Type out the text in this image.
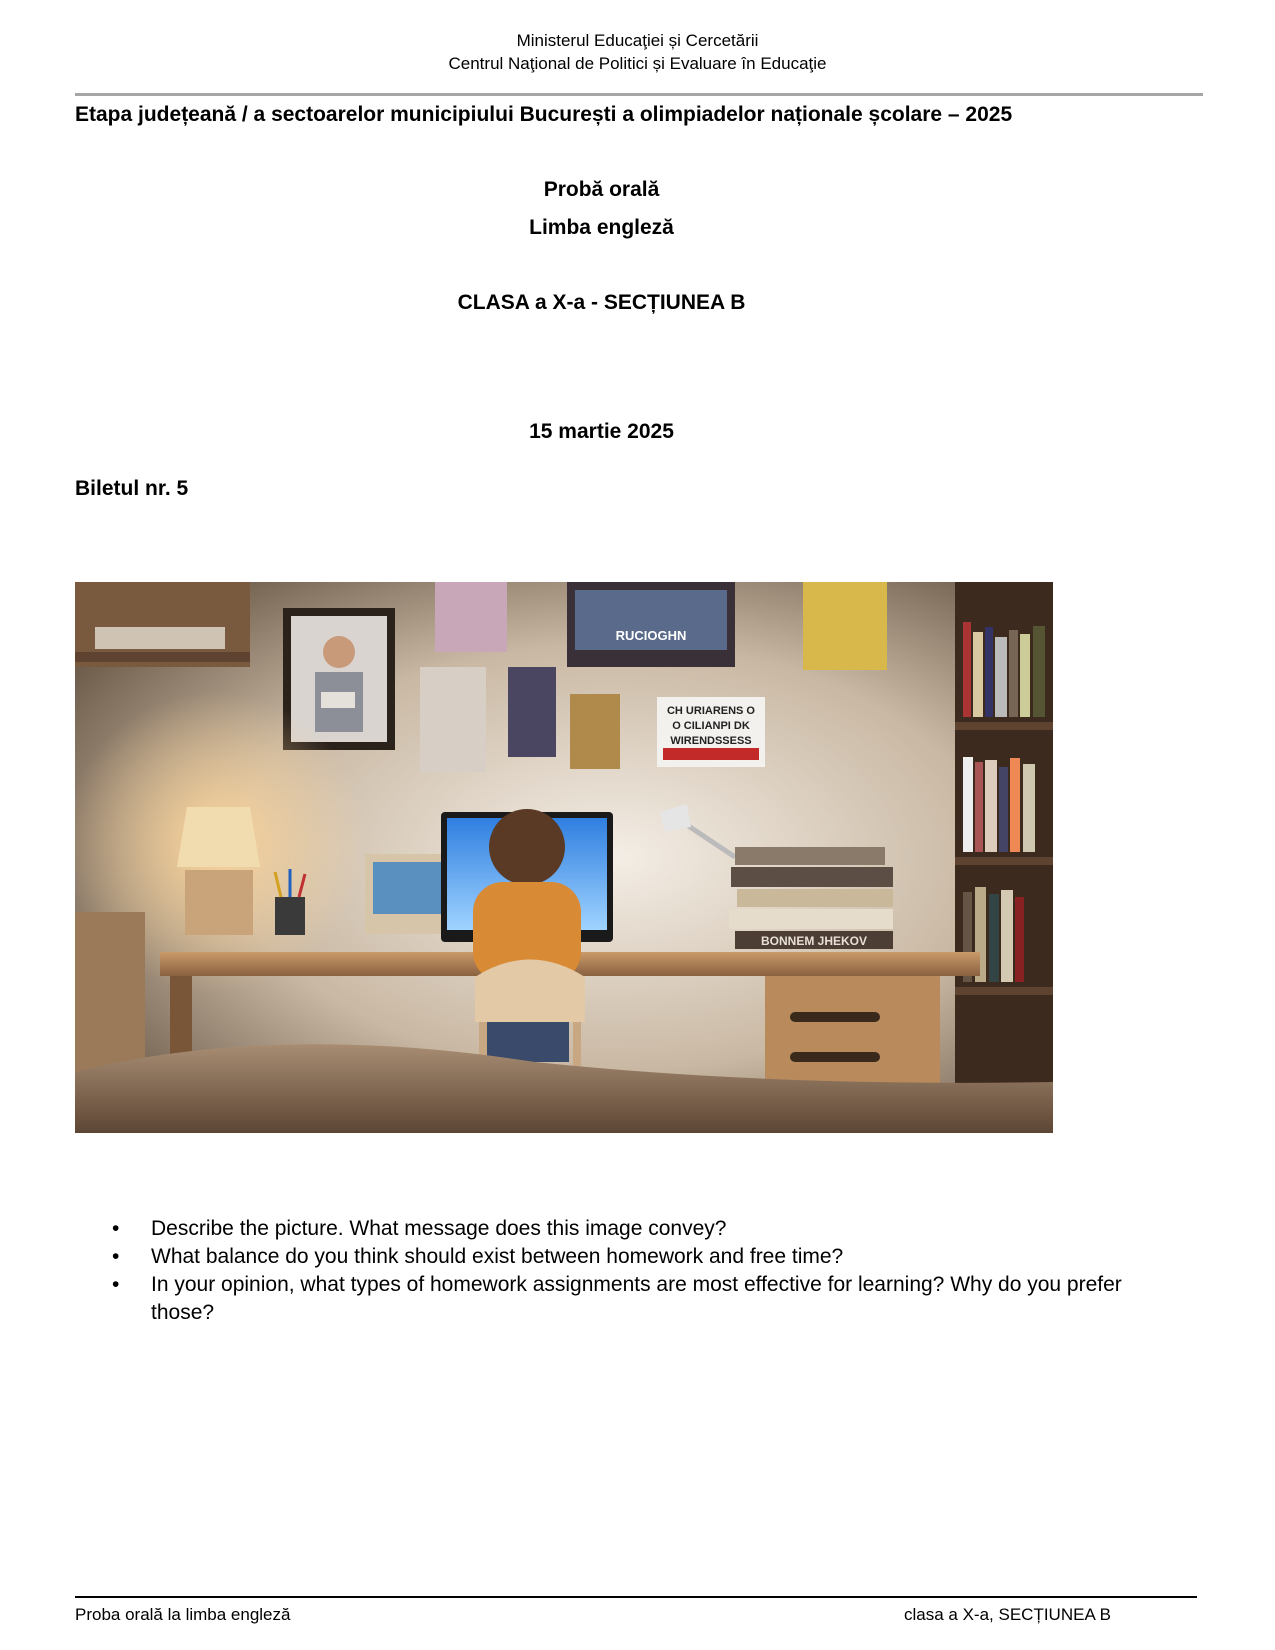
Ministerul Educaţiei și Cercetării
Centrul Naţional de Politici și Evaluare în Educaţie
Etapa județeană / a sectoarelor municipiului București a olimpiadelor naționale școlare – 2025
Probă orală
Limba engleză
CLASA a X-a - SECȚIUNEA B
15 martie 2025
Biletul nr. 5
RUCIOGHN
CH URIARENS O
O CILIANPI DK
WIRENDSSESS
BONNEM JHEKOV
• Describe the picture. What message does this image convey?
• What balance do you think should exist between homework and free time?
• In your opinion, what types of homework assignments are most effective for learning? Why do you prefer those?
Proba orală la limba engleză	clasa a X-a, SECȚIUNEA B
